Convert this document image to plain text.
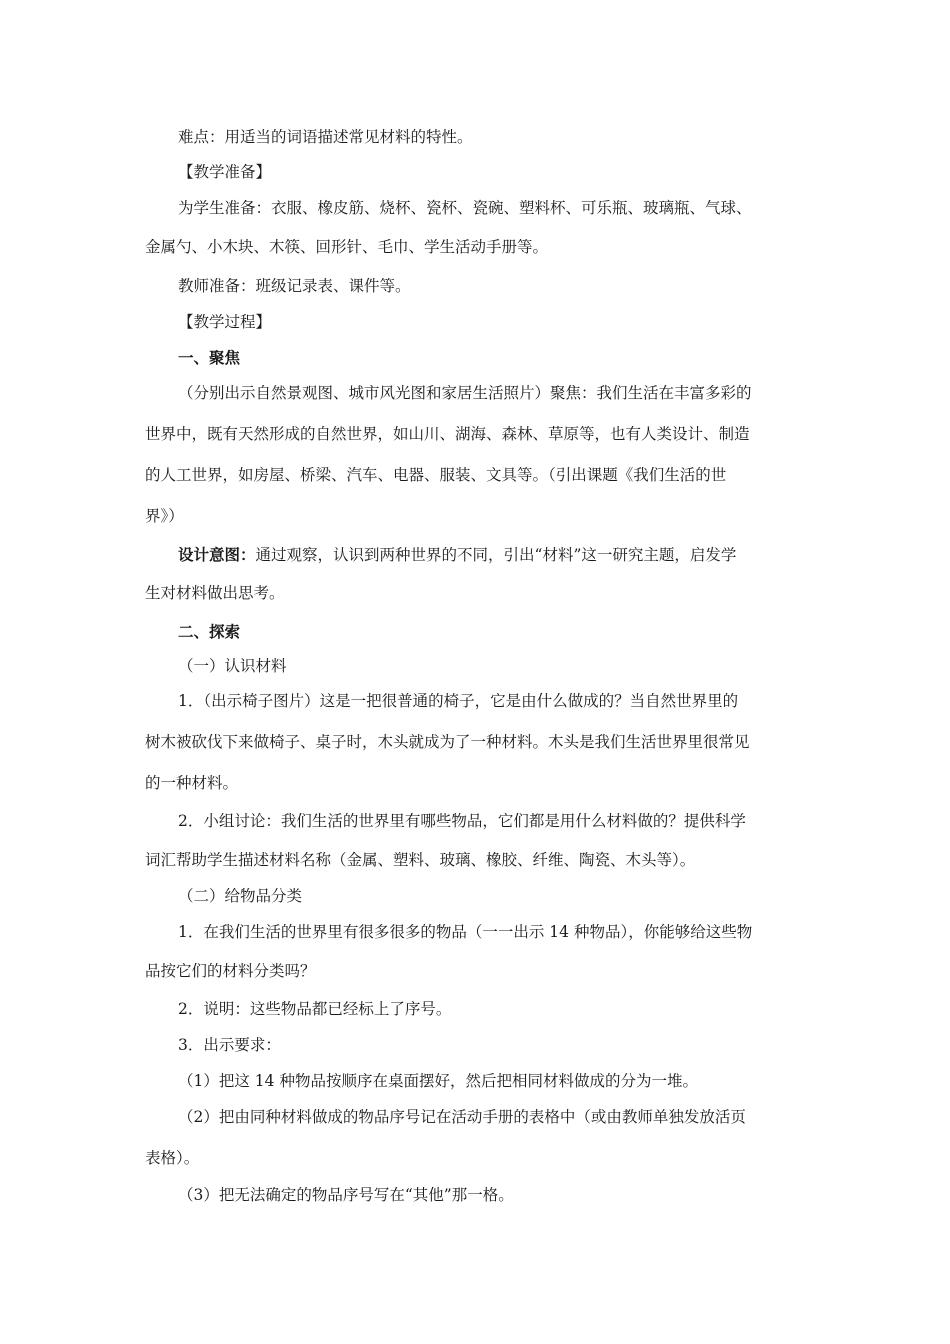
难点：用适当的词语描述常见材料的特性。
【教学准备】
为学生准备：衣服、橡皮筋、烧杯、瓷杯、瓷碗、塑料杯、可乐瓶、玻璃瓶、气球、
金属勺、小木块、木筷、回形针、毛巾、学生活动手册等。
教师准备：班级记录表、课件等。
【教学过程】
一、聚焦
（分别出示自然景观图、城市风光图和家居生活照片）聚焦：我们生活在丰富多彩的
世界中，既有天然形成的自然世界，如山川、湖海、森林、草原等，也有人类设计、制造
的人工世界，如房屋、桥梁、汽车、电器、服装、文具等。（引出课题《我们生活的世
界》）
设计意图：通过观察，认识到两种世界的不同，引出“材料”这一研究主题，启发学
生对材料做出思考。
二、探索
（一）认识材料
1．（出示椅子图片）这是一把很普通的椅子，它是由什么做成的？当自然世界里的
树木被砍伐下来做椅子、桌子时，木头就成为了一种材料。木头是我们生活世界里很常见
的一种材料。
2．小组讨论：我们生活的世界里有哪些物品，它们都是用什么材料做的？提供科学
词汇帮助学生描述材料名称（金属、塑料、玻璃、橡胶、纤维、陶瓷、木头等）。
（二）给物品分类
1．在我们生活的世界里有很多很多的物品（一一出示 14 种物品），你能够给这些物
品按它们的材料分类吗？
2．说明：这些物品都已经标上了序号。
3．出示要求：
（1）把这 14 种物品按顺序在桌面摆好，然后把相同材料做成的分为一堆。
（2）把由同种材料做成的物品序号记在活动手册的表格中（或由教师单独发放活页
表格）。
（3）把无法确定的物品序号写在“其他”那一格。
